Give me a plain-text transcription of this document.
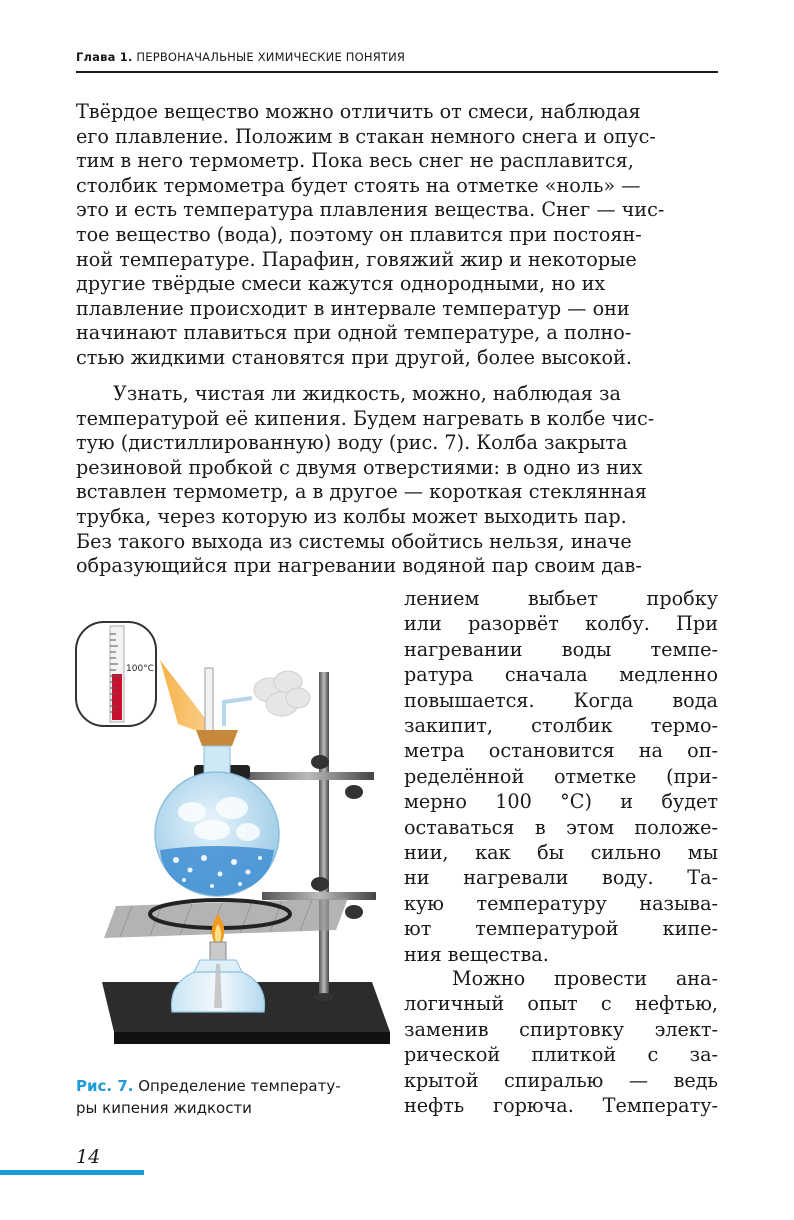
Глава 1. ПЕРВОНАЧАЛЬНЫЕ ХИМИЧЕСКИЕ ПОНЯТИЯ

Твёрдое вещество можно отличить от смеси, наблюдая
его плавление. Положим в стакан немного снега и опус-
тим в него термометр. Пока весь снег не расплавится,
столбик термометра будет стоять на отметке «ноль» —
это и есть температура плавления вещества. Снег — чис-
тое вещество (вода), поэтому он плавится при постоян-
ной температуре. Парафин, говяжий жир и некоторые
другие твёрдые смеси кажутся однородными, но их
плавление происходит в интервале температур — они
начинают плавиться при одной температуре, а полно-
стью жидкими становятся при другой, более высокой.

Узнать, чистая ли жидкость, можно, наблюдая за
температурой её кипения. Будем нагревать в колбе чис-
тую (дистиллированную) воду (рис. 7). Колба закрыта
резиновой пробкой с двумя отверстиями: в одно из них
вставлен термометр, а в другое — короткая стеклянная
трубка, через которую из колбы может выходить пар.
Без такого выхода из системы обойтись нельзя, иначе
образующийся при нагревании водяной пар своим дав-

лением выбьет пробку
или разорвёт колбу. При
нагревании воды темпе-
ратура сначала медленно
повышается. Когда вода
закипит, столбик термо-
метра остановится на оп-
ределённой отметке (при-
мерно 100 °С) и будет
оставаться в этом положе-
нии, как бы сильно мы
ни нагревали воду. Та-
кую температуру называ-
ют температурой кипе-
ния вещества.

Можно провести ана-
логичный опыт с нефтью,
заменив спиртовку элект-
рической плиткой с за-
крытой спиралью — ведь
нефть горюча. Температу-

100°С
Рис. 7. Определение температу-
ры кипения жидкости
14
